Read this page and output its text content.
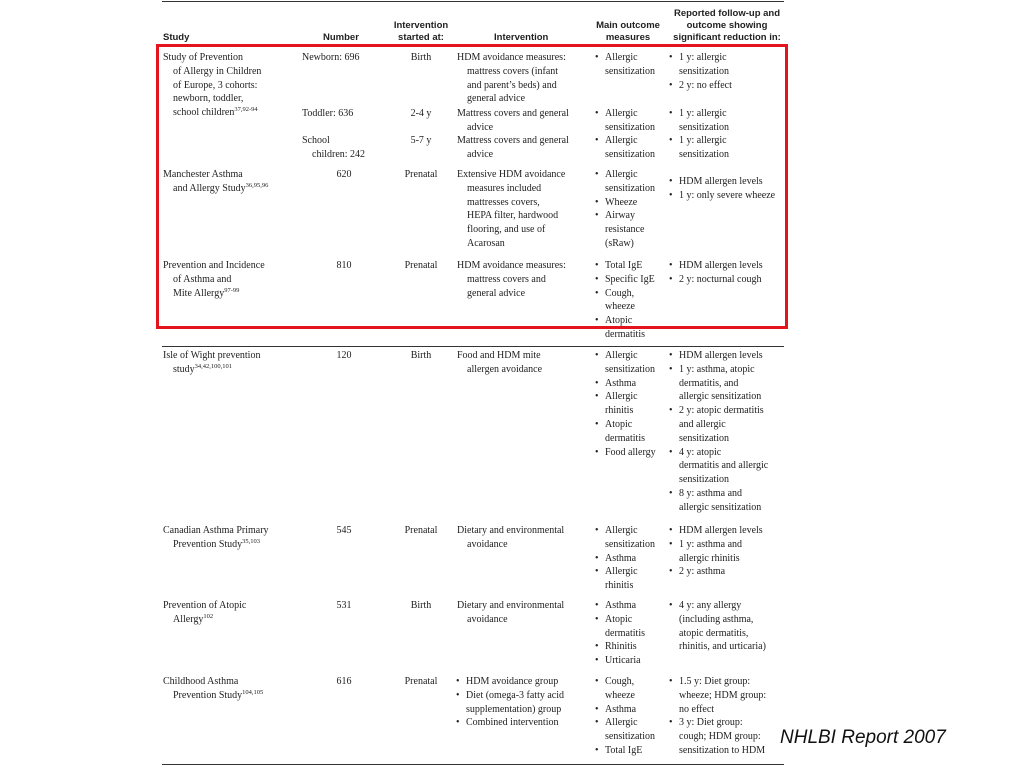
Study	Number
Intervention
started at:	Intervention
Main outcome
measures
Reported follow-up and
outcome showing
significant reduction in:
Study of Prevention
of Allergy in Children
of Europe, 3 cohorts:
newborn, toddler,
school children$^{37,92-94}$
Newborn: 696	Birth	HDM avoidance measures:
mattress covers (infant
and parent’s beds) and
general advice
• Allergic
sensitization
• 1 y: allergic
sensitization
• 2 y: no effect
Toddler: 636	2-4 y	Mattress covers and general
advice
• Allergic
sensitization
• 1 y: allergic
sensitization
School
children: 242
5-7 y	Mattress covers and general
advice
• Allergic
sensitization
• 1 y: allergic
sensitization
Manchester Asthma
and Allergy Study$^{36,95,96}$
620	Prenatal	Extensive HDM avoidance
measures included
mattresses covers,
HEPA filter, hardwood
flooring, and use of
Acarosan
• Allergic
sensitization
• Wheeze
• Airway
resistance
(sRaw)
• HDM allergen levels
• 1 y: only severe wheeze
Prevention and Incidence
of Asthma and
Mite Allergy$^{97-99}$
810	Prenatal	HDM avoidance measures:
mattress covers and
general advice
• Total IgE
• Specific IgE
• Cough,
wheeze
• Atopic
dermatitis
• HDM allergen levels
• 2 y: nocturnal cough
Isle of Wight prevention
study$^{34,42,100,101}$
120	Birth	Food and HDM mite
allergen avoidance
• Allergic
sensitization
• Asthma
• Allergic
rhinitis
• Atopic
dermatitis
• Food allergy
• HDM allergen levels
• 1 y: asthma, atopic
dermatitis, and
allergic sensitization
• 2 y: atopic dermatitis
and allergic
sensitization
• 4 y: atopic
dermatitis and allergic
sensitization
• 8 y: asthma and
allergic sensitization
Canadian Asthma Primary
Prevention Study$^{35,103}$
545	Prenatal	Dietary and environmental
avoidance
• Allergic
sensitization
• Asthma
• Allergic
rhinitis
• HDM allergen levels
• 1 y: asthma and
allergic rhinitis
• 2 y: asthma
Prevention of Atopic
Allergy$^{102}$
531	Birth	Dietary and environmental
avoidance
• Asthma
• Atopic
dermatitis
• Rhinitis
• Urticaria
• 4 y: any allergy
(including asthma,
atopic dermatitis,
rhinitis, and urticaria)
Childhood Asthma
Prevention Study$^{104,105}$
616	Prenatal
•	HDM avoidance group
• Diet (omega-3 fatty acid
supplementation) group
• Combined intervention
• Cough,
wheeze
• Asthma
• Allergic
sensitization
• Total IgE
• 1.5 y: Diet group:
wheeze; HDM group:
no effect
• 3 y: Diet group:
cough; HDM group:
sensitization to HDM
NHLBI Report 2007
